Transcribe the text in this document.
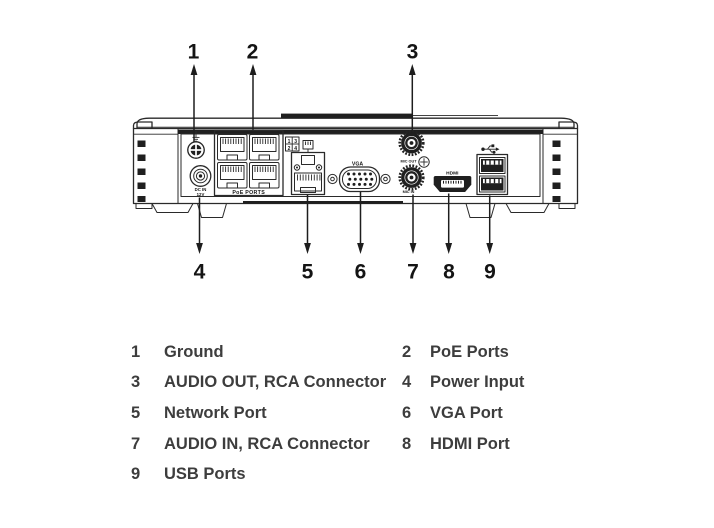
DC IN
12V	PoE PORTS
1 3
2 4
VGA	MIC OUT
MIC IN
HDMI
1 2	3
4	5 6 7 8 9
1	Ground	2	PoE Ports
3	AUDIO OUT, RCA Connector 4	Power Input
5	Network Port	6	VGA Port
7	AUDIO IN, RCA Connector	8	HDMI Port
9	USB Ports
